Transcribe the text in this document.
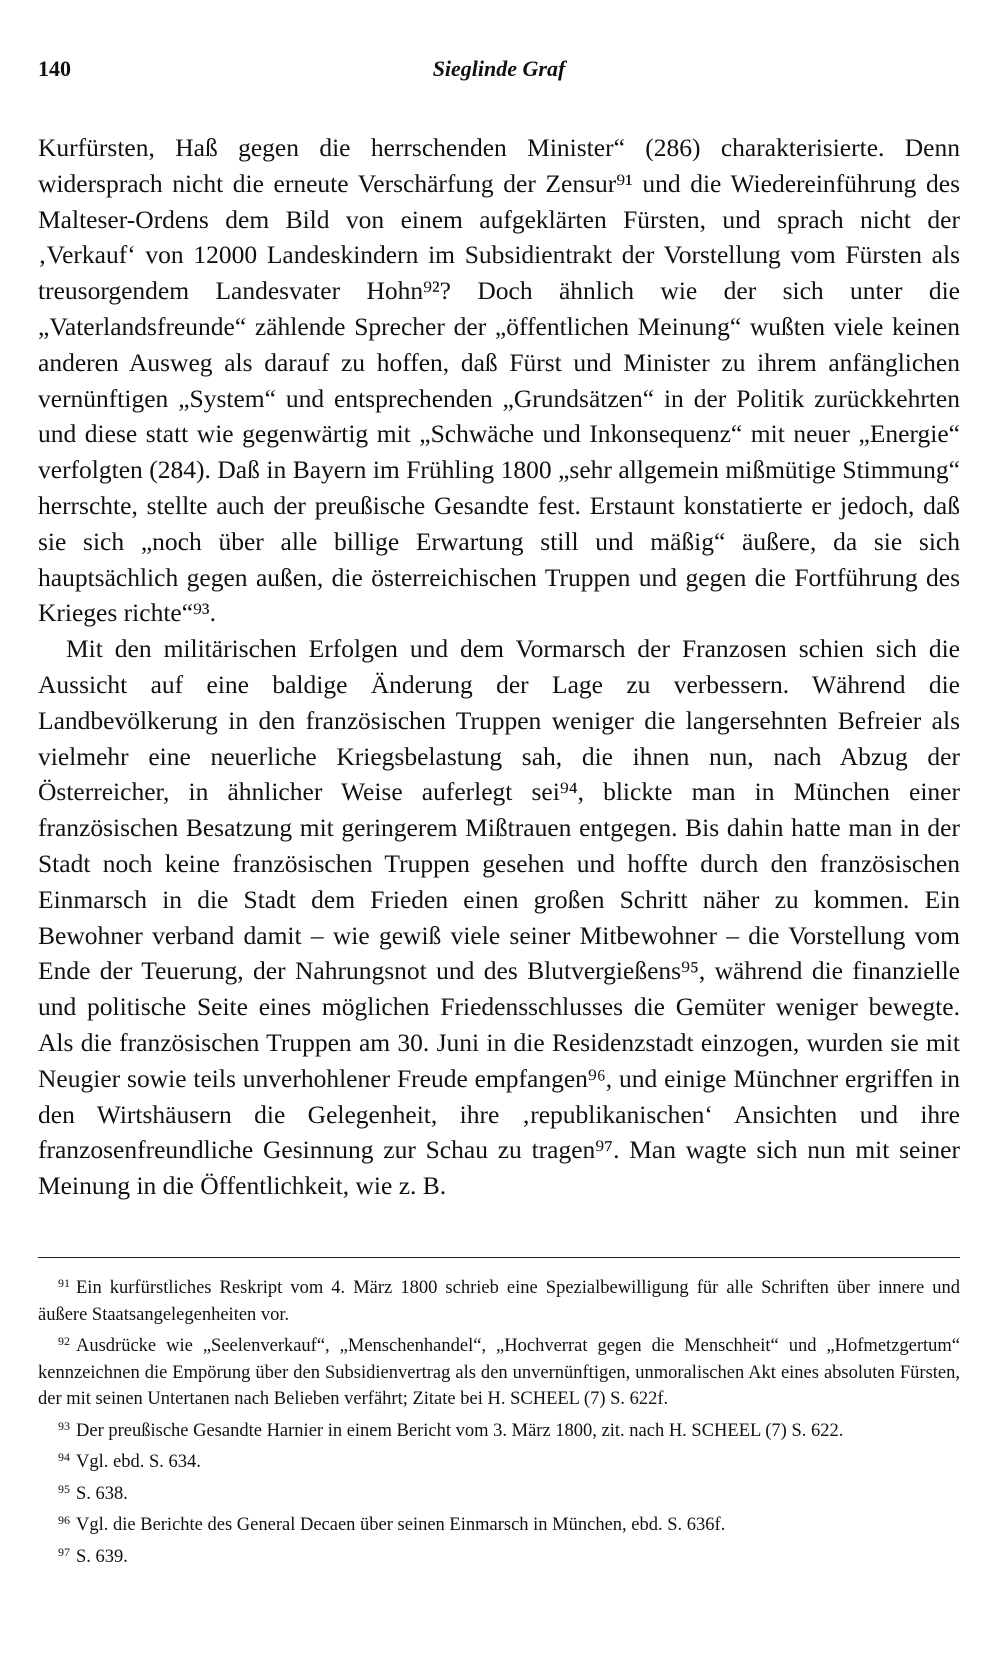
140	Sieglinde Graf

Kurfürsten, Haß gegen die herrschenden Minister“ (286) charakterisierte. Denn widersprach nicht die erneute Verschärfung der Zensur⁹¹ und die Wiedereinführung des Malteser-Ordens dem Bild von einem aufgeklärten Fürsten, und sprach nicht der ‚Verkauf‘ von 12000 Landeskindern im Subsidientrakt der Vorstellung vom Fürsten als treusorgendem Landesvater Hohn⁹²? Doch ähnlich wie der sich unter die „Vaterlandsfreunde“ zählende Sprecher der „öffentlichen Meinung“ wußten viele keinen anderen Ausweg als darauf zu hoffen, daß Fürst und Minister zu ihrem anfänglichen vernünftigen „System“ und entsprechenden „Grundsätzen“ in der Politik zurückkehrten und diese statt wie gegenwärtig mit „Schwäche und Inkonsequenz“ mit neuer „Energie“ verfolgten (284). Daß in Bayern im Frühling 1800 „sehr allgemein mißmütige Stimmung“ herrschte, stellte auch der preußische Gesandte fest. Erstaunt konstatierte er jedoch, daß sie sich „noch über alle billige Erwartung still und mäßig“ äußere, da sie sich hauptsächlich gegen außen, die österreichischen Truppen und gegen die Fortführung des Krieges richte“⁹³.

Mit den militärischen Erfolgen und dem Vormarsch der Franzosen schien sich die Aussicht auf eine baldige Änderung der Lage zu verbessern. Während die Landbevölkerung in den französischen Truppen weniger die langersehnten Befreier als vielmehr eine neuerliche Kriegsbelastung sah, die ihnen nun, nach Abzug der Österreicher, in ähnlicher Weise auferlegt sei⁹⁴, blickte man in München einer französischen Besatzung mit geringerem Mißtrauen entgegen. Bis dahin hatte man in der Stadt noch keine französischen Truppen gesehen und hoffte durch den französischen Einmarsch in die Stadt dem Frieden einen großen Schritt näher zu kommen. Ein Bewohner verband damit – wie gewiß viele seiner Mitbewohner – die Vorstellung vom Ende der Teuerung, der Nahrungsnot und des Blutvergießens⁹⁵, während die finanzielle und politische Seite eines möglichen Friedensschlusses die Gemüter weniger bewegte. Als die französischen Truppen am 30. Juni in die Residenzstadt einzogen, wurden sie mit Neugier sowie teils unverhohlener Freude empfangen⁹⁶, und einige Münchner ergriffen in den Wirtshäusern die Gelegenheit, ihre ‚republikanischen‘ Ansichten und ihre franzosenfreundliche Gesinnung zur Schau zu tragen⁹⁷. Man wagte sich nun mit seiner Meinung in die Öffentlichkeit, wie z. B.

$^{91}$ Ein kurfürstliches Reskript vom 4. März 1800 schrieb eine Spezialbewilligung für alle Schriften über innere und äußere Staatsangelegenheiten vor.

$^{92}$ Ausdrücke wie „Seelenverkauf“, „Menschenhandel“, „Hochverrat gegen die Menschheit“ und „Hofmetzgertum“ kennzeichnen die Empörung über den Subsidienvertrag als den unvernünftigen, unmoralischen Akt eines absoluten Fürsten, der mit seinen Untertanen nach Belieben verfährt; Zitate bei H. SCHEEL (7) S. 622f.

$^{93}$ Der preußische Gesandte Harnier in einem Bericht vom 3. März 1800, zit. nach H. SCHEEL (7) S. 622.

$^{94}$ Vgl. ebd. S. 634.

$^{95}$ S. 638.

$^{96}$ Vgl. die Berichte des General Decaen über seinen Einmarsch in München, ebd. S. 636f.

$^{97}$ S. 639.
